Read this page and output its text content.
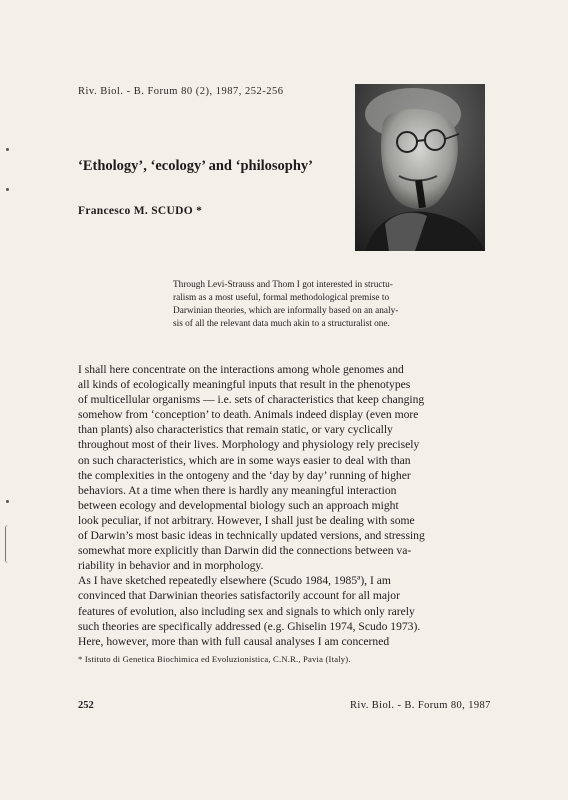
Riv. Biol. - B. Forum 80 (2), 1987, 252-256
‘Ethology’, ‘ecology’ and ‘philosophy’
Francesco M. SCUDO *
Through Levi-Strauss and Thom I got interested in structu-
ralism as a most useful, formal methodological premise to
Darwinian theories, which are informally based on an analy-
sis of all the relevant data much akin to a structuralist one.
I shall here concentrate on the interactions among whole genomes and
all kinds of ecologically meaningful inputs that result in the phenotypes
of multicellular organisms — i.e. sets of characteristics that keep changing
somehow from ‘conception’ to death. Animals indeed display (even more
than plants) also characteristics that remain static, or vary cyclically
throughout most of their lives. Morphology and physiology rely precisely
on such characteristics, which are in some ways easier to deal with than
the complexities in the ontogeny and the ‘day by day’ running of higher
behaviors. At a time when there is hardly any meaningful interaction
between ecology and developmental biology such an approach might
look peculiar, if not arbitrary. However, I shall just be dealing with some
of Darwin’s most basic ideas in technically updated versions, and stressing
somewhat more explicitly than Darwin did the connections between va-
riability in behavior and in morphology.
As I have sketched repeatedly elsewhere (Scudo 1984, 1985ª), I am
convinced that Darwinian theories satisfactorily account for all major
features of evolution, also including sex and signals to which only rarely
such theories are specifically addressed (e.g. Ghiselin 1974, Scudo 1973).
Here, however, more than with full causal analyses I am concerned
* Istituto di Genetica Biochimica ed Evoluzionistica, C.N.R., Pavia (Italy).
252	Riv. Biol. - B. Forum 80, 1987
